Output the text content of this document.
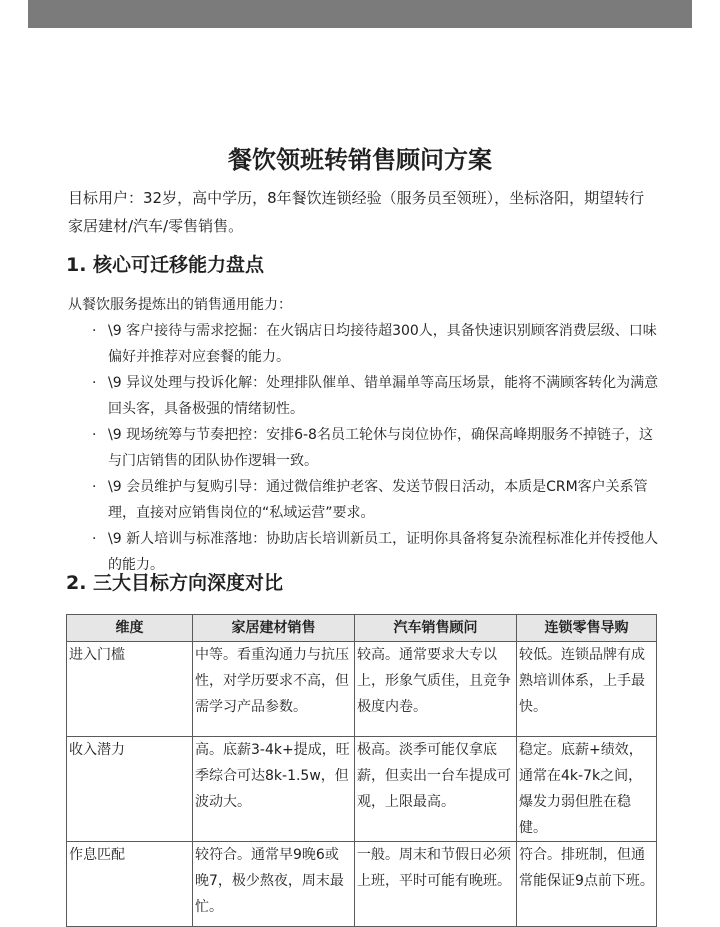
餐饮领班转销售顾问方案
目标用户：32岁，高中学历，8年餐饮连锁经验（服务员至领班），坐标洛阳，期望转行家居建材/汽车/零售销售。
1. 核心可迁移能力盘点
从餐饮服务提炼出的销售通用能力：
· \9 客户接待与需求挖掘：在火锅店日均接待超300人，具备快速识别顾客消费层级、口味偏好并推荐对应套餐的能力。
· \9 异议处理与投诉化解：处理排队催单、错单漏单等高压场景，能将不满顾客转化为满意回头客，具备极强的情绪韧性。
· \9 现场统筹与节奏把控：安排6-8名员工轮休与岗位协作，确保高峰期服务不掉链子，这与门店销售的团队协作逻辑一致。
· \9 会员维护与复购引导：通过微信维护老客、发送节假日活动，本质是CRM客户关系管理，直接对应销售岗位的“私域运营”要求。
· \9 新人培训与标准落地：协助店长培训新员工，证明你具备将复杂流程标准化并传授他人的能力。
2. 三大目标方向深度对比
维度	家居建材销售	汽车销售顾问	连锁零售导购
进入门槛	中等。看重沟通力与抗压性，对学历要求不高，但需学习产品参数。	较高。通常要求大专以上，形象气质佳，且竞争极度内卷。	较低。连锁品牌有成熟培训体系，上手最快。
收入潜力	高。底薪3-4k+提成，旺季综合可达8k-1.5w，但波动大。	极高。淡季可能仅拿底薪，但卖出一台车提成可观，上限最高。	稳定。底薪+绩效，通常在4k-7k之间，爆发力弱但胜在稳健。
作息匹配	较符合。通常早9晚6或晚7，极少熬夜，周末最忙。	一般。周末和节假日必须上班，平时可能有晚班。	符合。排班制，但通常能保证9点前下班。
